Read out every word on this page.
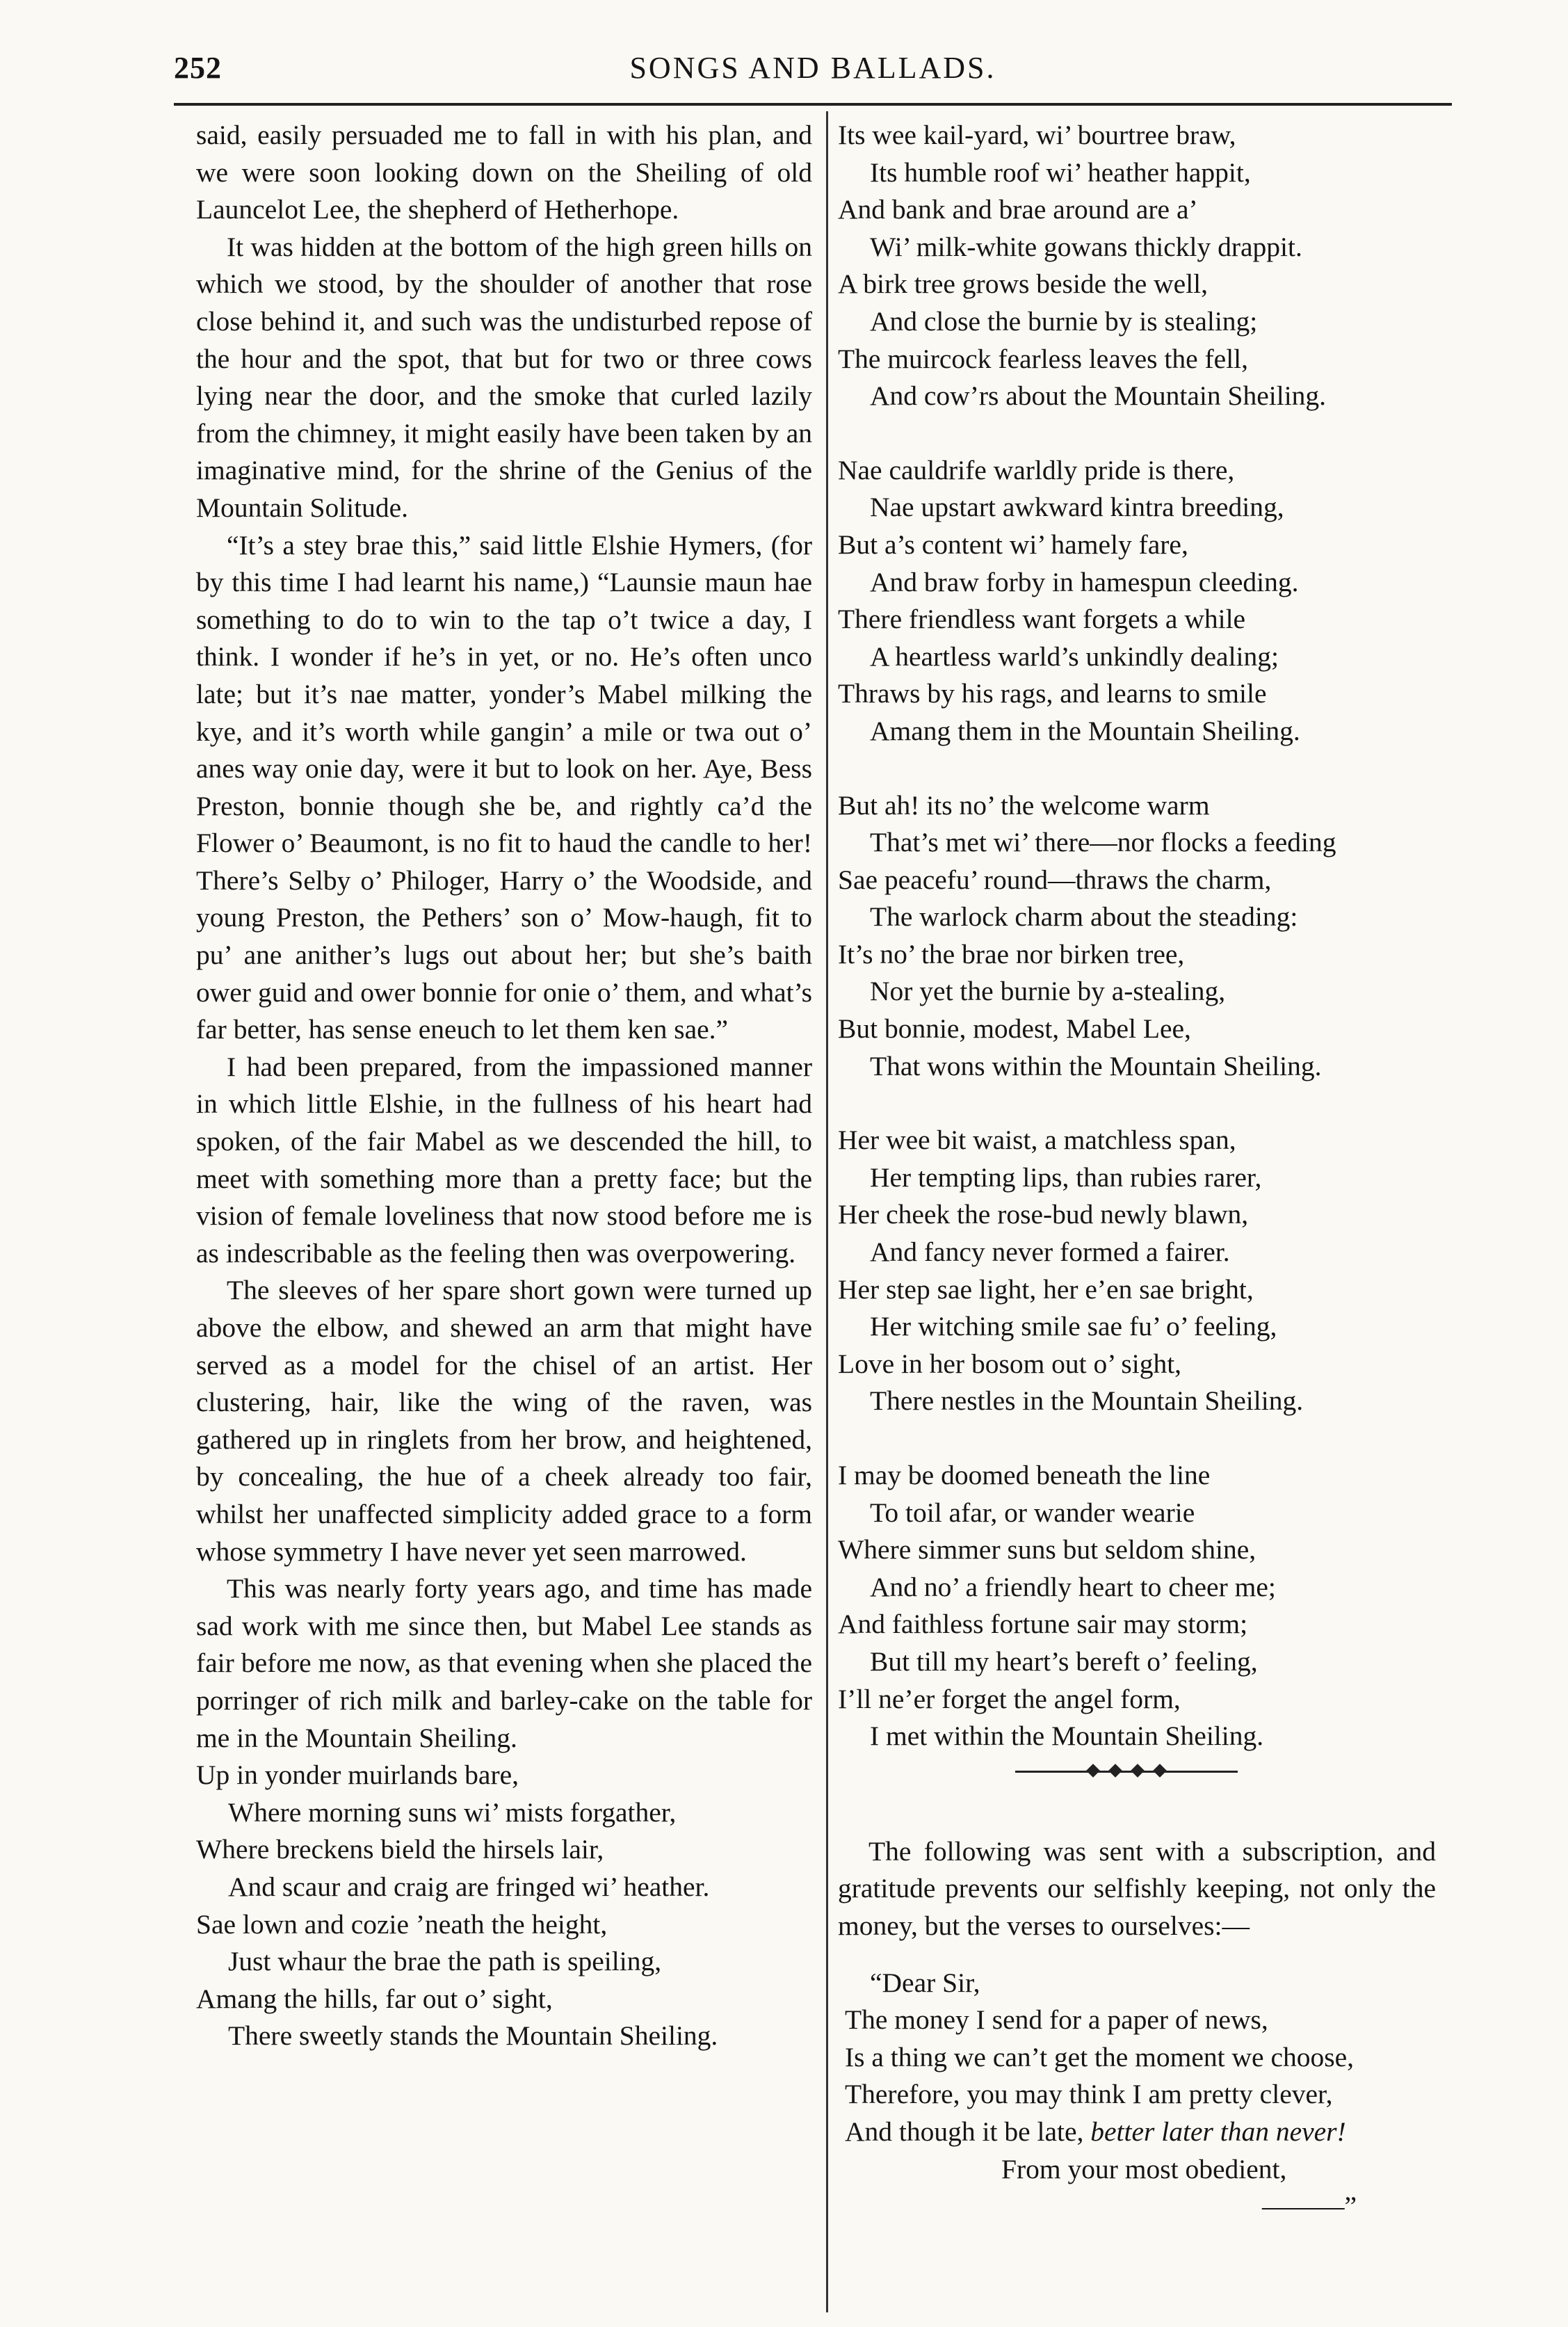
252	SONGS AND BALLADS.

said, easily persuaded me to fall in with his plan, and we were soon looking down on the Sheiling of old Launcelot Lee, the shepherd of Hetherhope.

It was hidden at the bottom of the high green hills on which we stood, by the shoulder of another that rose close behind it, and such was the undisturbed repose of the hour and the spot, that but for two or three cows lying near the door, and the smoke that curled lazily from the chimney, it might easily have been taken by an imaginative mind, for the shrine of the Genius of the Mountain Solitude.

“It’s a stey brae this,” said little Elshie Hymers, (for by this time I had learnt his name,) “Launsie maun hae something to do to win to the tap o’t twice a day, I think. I wonder if he’s in yet, or no. He’s often unco late; but it’s nae matter, yonder’s Mabel milking the kye, and it’s worth while gangin’ a mile or twa out o’ anes way onie day, were it but to look on her. Aye, Bess Preston, bonnie though she be, and rightly ca’d the Flower o’ Beaumont, is no fit to haud the candle to her! There’s Selby o’ Philoger, Harry o’ the Woodside, and young Preston, the Pethers’ son o’ Mow-haugh, fit to pu’ ane anither’s lugs out about her; but she’s baith ower guid and ower bonnie for onie o’ them, and what’s far better, has sense eneuch to let them ken sae.”

I had been prepared, from the impassioned manner in which little Elshie, in the fullness of his heart had spoken, of the fair Mabel as we descended the hill, to meet with something more than a pretty face; but the vision of female loveliness that now stood before me is as indescribable as the feeling then was overpowering.

The sleeves of her spare short gown were turned up above the elbow, and shewed an arm that might have served as a model for the chisel of an artist. Her clustering, hair, like the wing of the raven, was gathered up in ringlets from her brow, and heightened, by concealing, the hue of a cheek already too fair, whilst her unaffected simplicity added grace to a form whose symmetry I have never yet seen marrowed.

This was nearly forty years ago, and time has made sad work with me since then, but Mabel Lee stands as fair before me now, as that evening when she placed the porringer of rich milk and barley-cake on the table for me in the Mountain Sheiling.

Up in yonder muirlands bare,
Where morning suns wi’ mists forgather,
Where breckens bield the hirsels lair,
And scaur and craig are fringed wi’ heather.
Sae lown and cozie ’neath the height,
Just whaur the brae the path is speiling,
Amang the hills, far out o’ sight,
There sweetly stands the Mountain Sheiling.
Its wee kail-yard, wi’ bourtree braw,
Its humble roof wi’ heather happit,
And bank and brae around are a’
Wi’ milk-white gowans thickly drappit.
A birk tree grows beside the well,
And close the burnie by is stealing;
The muircock fearless leaves the fell,
And cow’rs about the Mountain Sheiling.
Nae cauldrife warldly pride is there,
Nae upstart awkward kintra breeding,
But a’s content wi’ hamely fare,
And braw forby in hamespun cleeding.
There friendless want forgets a while
A heartless warld’s unkindly dealing;
Thraws by his rags, and learns to smile
Amang them in the Mountain Sheiling.
But ah! its no’ the welcome warm
That’s met wi’ there—nor flocks a feeding
Sae peacefu’ round—thraws the charm,
The warlock charm about the steading:
It’s no’ the brae nor birken tree,
Nor yet the burnie by a-stealing,
But bonnie, modest, Mabel Lee,
That wons within the Mountain Sheiling.
Her wee bit waist, a matchless span,
Her tempting lips, than rubies rarer,
Her cheek the rose-bud newly blawn,
And fancy never formed a fairer.
Her step sae light, her e’en sae bright,
Her witching smile sae fu’ o’ feeling,
Love in her bosom out o’ sight,
There nestles in the Mountain Sheiling.
I may be doomed beneath the line
To toil afar, or wander wearie
Where simmer suns but seldom shine,
And no’ a friendly heart to cheer me;
And faithless fortune sair may storm;
But till my heart’s bereft o’ feeling,
I’ll ne’er forget the angel form,
I met within the Mountain Sheiling.

The following was sent with a subscription, and gratitude prevents our selfishly keeping, not only the money, but the verses to ourselves:—

“Dear Sir,
The money I send for a paper of news,
Is a thing we can’t get the moment we choose,
Therefore, you may think I am pretty clever,
And though it be late, better later than never!
From your most obedient,
———”
